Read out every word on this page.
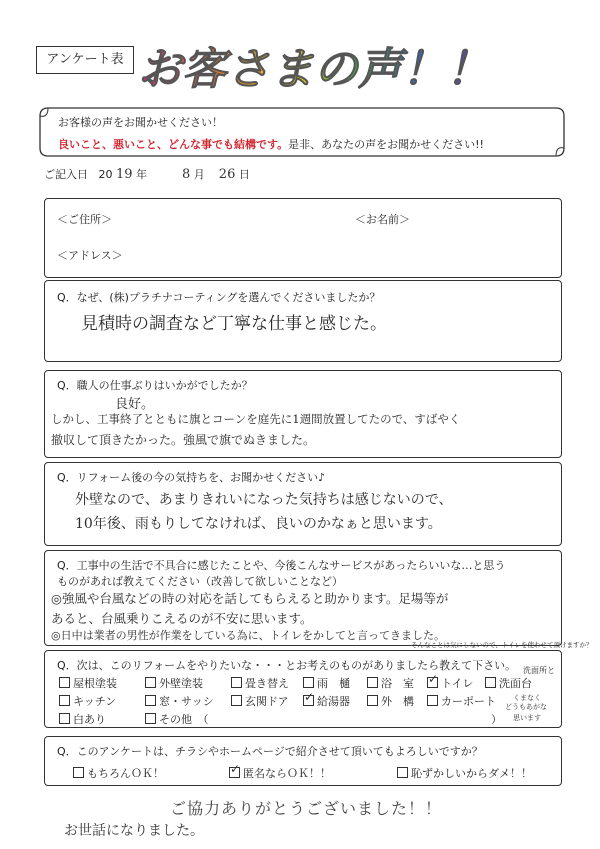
アンケート表 お客さまの声！！
お客様の声をお聞かせください！
良いこと、悪いこと、どんな事でも結構です。是非、あなたの声をお聞かせください!!
ご記入日 20 19 年	8 月 26 日
＜ご住所＞	＜お名前＞
＜アドレス＞
Q．なぜ、(株)プラチナコーティングを選んでくださいましたか？
見積時の調査など丁寧な仕事と感じた。
Q．職人の仕事ぶりはいかがでしたか？
良好。
しかし、工事終了とともに旗とコーンを庭先に1週間放置してたので、すばやく
撤収して頂きたかった。強風で旗でぬきました。
Q．リフォーム後の今の気持ちを、お聞かせください♪
外壁なので、あまりきれいになった気持ちは感じないので、
10年後、雨もりしてなければ、良いのかなぁと思います。
Q．工事中の生活で不具合に感じたことや、今後こんなサービスがあったらいいな…と思う
ものがあれば教えてください（改善して欲しいことなど）
◎強風や台風などの時の対応を話してもらえると助かります。足場等が
あると、台風乗りこえるのが不安に思います。
◎日中は業者の男性が作業をしている為に、トイレをかしてと言ってきました。
そんなことは気にしないので、トイレを使わせて頂けますか？
Q．次は、このリフォームをやりたいな・・・とお考えのものがありましたら教えて下さい。
屋根塗装	外壁塗装	畳き替え	雨　樋	浴　室 ✓ トイレ	洗面台
キッチン	窓・サッシ	玄関ドア ✓ 給湯器	外　構	カーポート
白あり	その他　（	）
洗面所と
くまなく
どうもあがな
思います
Q．このアンケートは、チラシやホームページで紹介させて頂いてもよろしいですか？
もちろんＯＫ！	✓ 匿名ならＯＫ！！	恥ずかしいからダメ！！
ご協力ありがとうございました！！
お世話になりました。
